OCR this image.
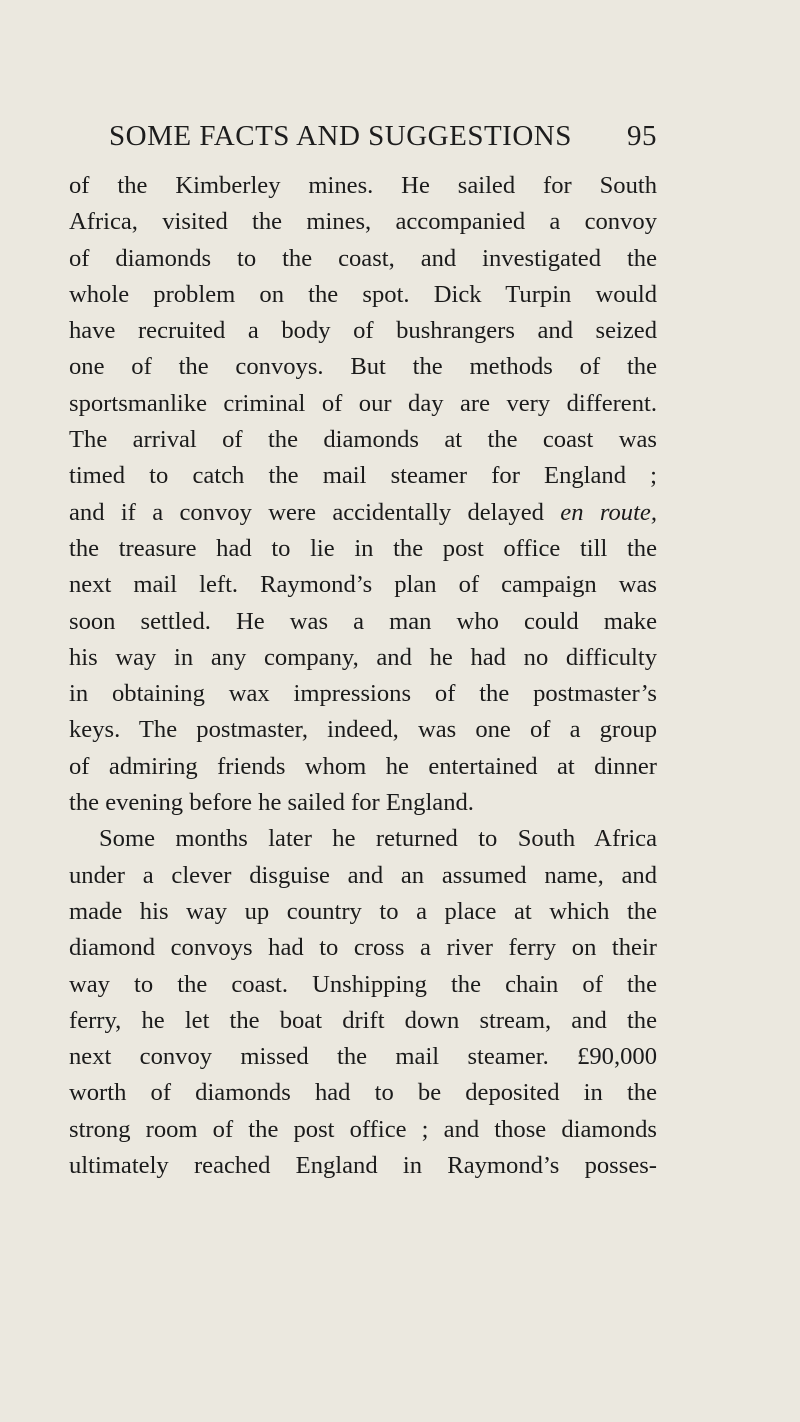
SOME FACTS AND SUGGESTIONS 95
of the Kimberley mines. He sailed for South
Africa, visited the mines, accompanied a convoy
of diamonds to the coast, and investigated the
whole problem on the spot. Dick Turpin would
have recruited a body of bushrangers and seized
one of the convoys. But the methods of the
sportsmanlike criminal of our day are very different.
The arrival of the diamonds at the coast was
timed to catch the mail steamer for England ;
and if a convoy were accidentally delayed en route,
the treasure had to lie in the post office till the
next mail left. Raymond’s plan of campaign was
soon settled. He was a man who could make
his way in any company, and he had no difficulty
in obtaining wax impressions of the postmaster’s
keys. The postmaster, indeed, was one of a group
of admiring friends whom he entertained at dinner
the evening before he sailed for England.
Some months later he returned to South Africa
under a clever disguise and an assumed name, and
made his way up country to a place at which the
diamond convoys had to cross a river ferry on their
way to the coast. Unshipping the chain of the
ferry, he let the boat drift down stream, and the
next convoy missed the mail steamer. £90,000
worth of diamonds had to be deposited in the
strong room of the post office ; and those diamonds
ultimately reached England in Raymond’s posses-
